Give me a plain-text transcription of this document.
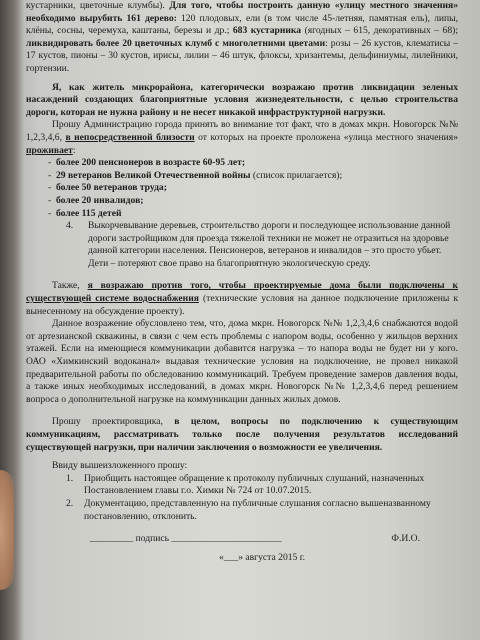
кустарники, цветочные клумбы). Для того, чтобы построить данную «улицу местного значения» необходимо вырубить 161 дерево: 120 плодовых, ели (в том числе 45-летняя, памятная ель), липы, клёны, сосны, черемуха, каштаны, березы и др.; 683 кустарника (ягодных – 615, декоративных – 68); ликвидировать более 20 цветочных клумб с многолетними цветами: розы – 26 кустов, клематисы – 17 кустов, пионы – 30 кустов, ирисы, лилии – 46 штук, флоксы, хризантемы, дельфиниумы, лилейники, гортензии.

Я, как житель микрорайона, категорически возражаю против ликвидации зеленых насаждений создающих благоприятные условия жизнедеятельности, с целью строительства дороги, которая не нужна району и не несет никакой инфраструктурной нагрузки.

Прошу Администрацию города принять во внимание тот факт, что в домах мкрн. Новогорск №№ 1,2,3,4,6, в непосредственной близости от которых на проекте проложена «улица местного значения» проживает:

- более 200 пенсионеров в возрасте 60-95 лет;
- 29 ветеранов Великой Отечественной войны (список прилагается);
- более 50 ветеранов труда;
- более 20 инвалидов;
- более 115 детей

4. Выкорчевывание деревьев, строительство дороги и последующее использование данной дороги застройщиком для проезда тяжелой техники не может не отразиться на здоровье данной категории населения. Пенсионеров, ветеранов и инвалидов – это просто убьет. Дети – потеряют свое право на благоприятную экологическую среду.

Также, я возражаю против того, чтобы проектируемые дома были подключены к существующей системе водоснабжения (технические условия на данное подключение приложены к вынесенному на обсуждение проекту).

Данное возражение обусловлено тем, что, дома мкрн. Новогорск №№ 1,2,3,4,6 снабжаются водой от артезианской скважины, в связи с чем есть проблемы с напором воды, особенно у жильцов верхних этажей. Если на имеющиеся коммуникации добавится нагрузка – то напора воды не будет ни у кого. ОАО «Химкинский водоканал» выдавая технические условия на подключение, не провел никакой предварительной работы по обследованию коммуникаций. Требуем проведение замеров давления воды, а также иных необходимых исследований, в домах мкрн. Новогорск №№ 1,2,3,4,6 перед решением вопроса о дополнительной нагрузке на коммуникации данных жилых домов.

Прошу проектировщика, в целом, вопросы по подключению к существующим коммуникациям, рассматривать только после получения результатов исследований существующей нагрузки, при наличии заключения о возможности ее увеличения.

Ввиду вышеизложенного прошу:

1. Приобщить настоящее обращение к протоколу публичных слушаний, назначенных Постановлением главы г.о. Химки № 724 от 10.07.2015.
2. Документацию, представленную на публичные слушания согласно вышеназванному постановлению, отклонить.
_________ подпись _______________________	Ф.И.О.
«___» августа 2015 г.
